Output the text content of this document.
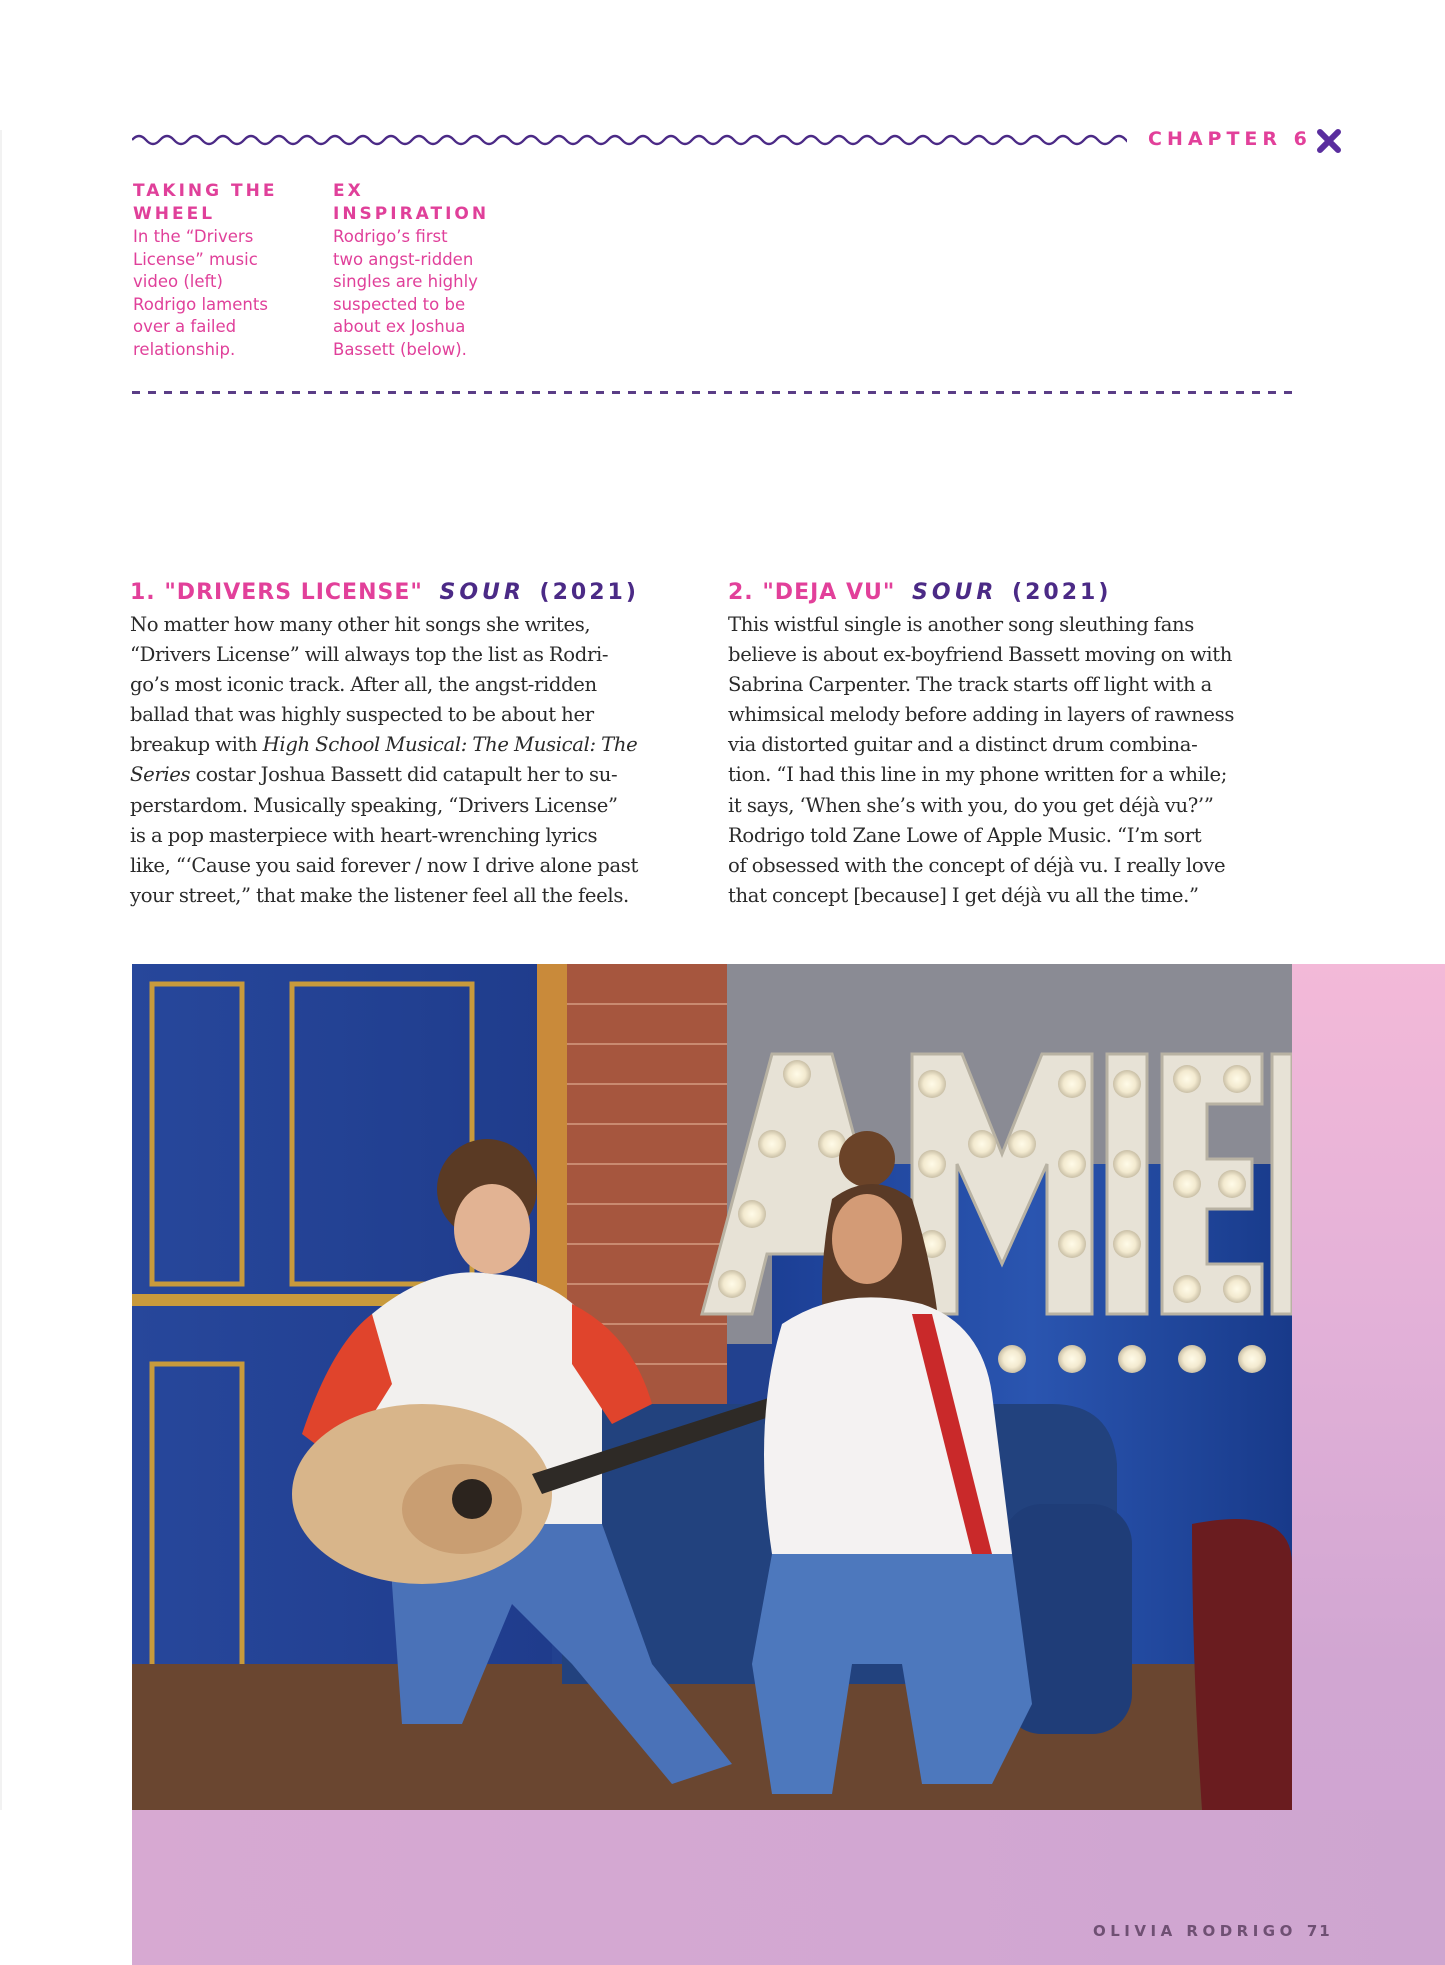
CHAPTER 6
TAKING THE
WHEEL
In the “Drivers
License” music
video (left)
Rodrigo laments
over a failed
relationship.
EX
INSPIRATION
Rodrigo’s first
two angst-ridden
singles are highly
suspected to be
about ex Joshua
Bassett (below).
1. "DRIVERS LICENSE" SOUR (2021)
No matter how many other hit songs she writes,
“Drivers License” will always top the list as Rodri-
go’s most iconic track. After all, the angst-ridden
ballad that was highly suspected to be about her
breakup with High School Musical: The Musical: The
Series costar Joshua Bassett did catapult her to su-
perstardom. Musically speaking, “Drivers License”
is a pop masterpiece with heart-wrenching lyrics
like, “‘Cause you said forever / now I drive alone past
your street,” that make the listener feel all the feels.
2. "DEJA VU" SOUR (2021)
This wistful single is another song sleuthing fans
believe is about ex-boyfriend Bassett moving on with
Sabrina Carpenter. The track starts off light with a
whimsical melody before adding in layers of rawness
via distorted guitar and a distinct drum combina-
tion. “I had this line in my phone written for a while;
it says, ‘When she’s with you, do you get déjà vu?’”
Rodrigo told Zane Lowe of Apple Music. “I’m sort
of obsessed with the concept of déjà vu. I really love
that concept [because] I get déjà vu all the time.”
OLIVIA RODRIGO 71
